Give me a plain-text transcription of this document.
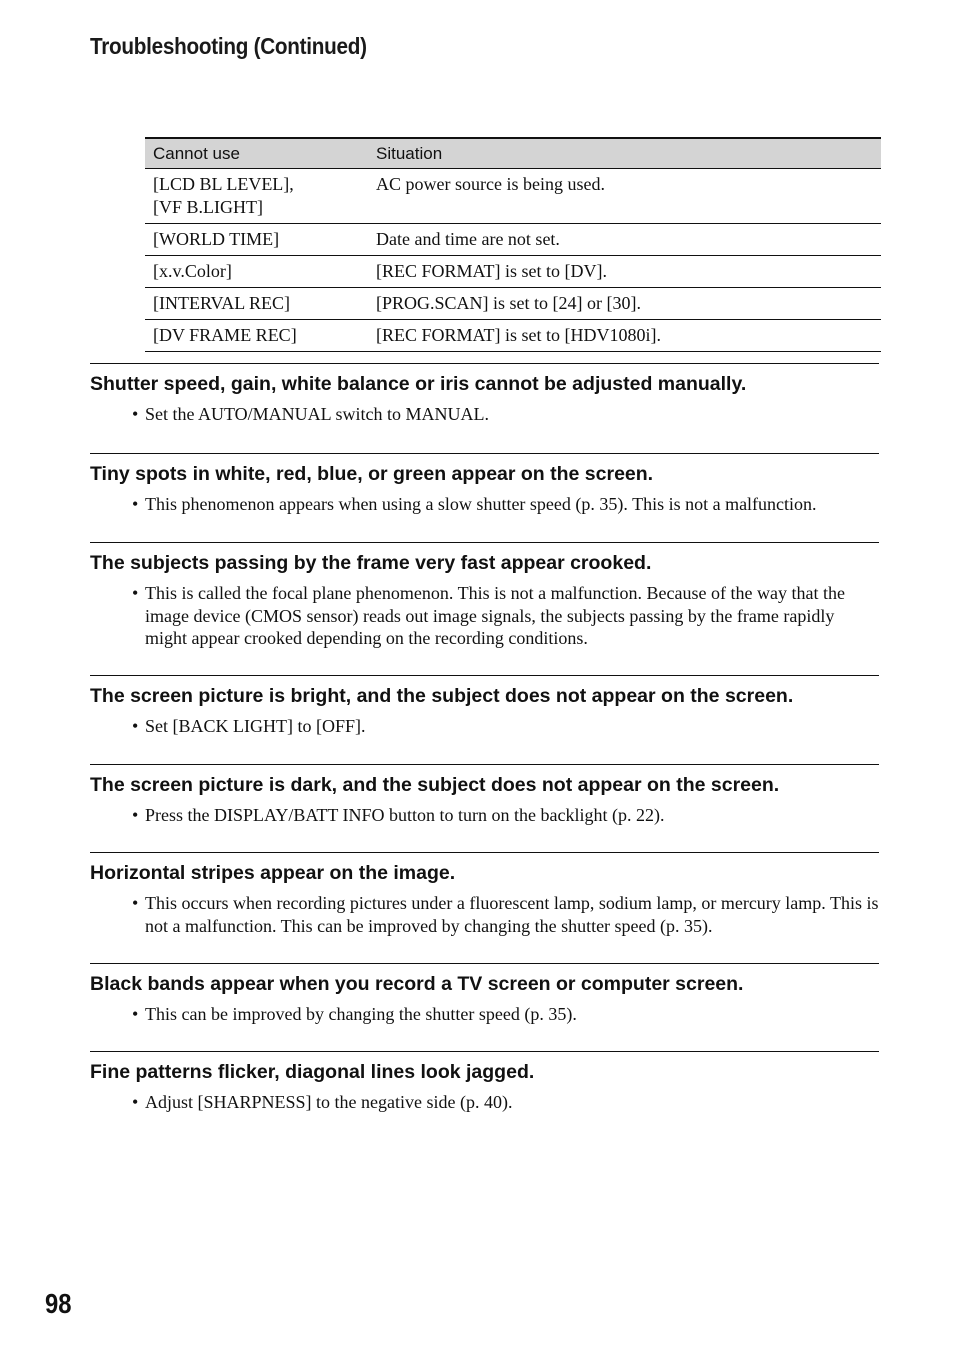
Troubleshooting (Continued)
Cannot use	Situation
[LCD BL LEVEL],
[VF B.LIGHT]	AC power source is being used.
[WORLD TIME]	Date and time are not set.
[x.v.Color]	[REC FORMAT] is set to [DV].
[INTERVAL REC]	[PROG.SCAN] is set to [24] or [30].
[DV FRAME REC]	[REC FORMAT] is set to [HDV1080i].
Shutter speed, gain, white balance or iris cannot be adjusted manually.
• Set the AUTO/MANUAL switch to MANUAL.
Tiny spots in white, red, blue, or green appear on the screen.
• This phenomenon appears when using a slow shutter speed (p. 35). This is not a malfunction.
The subjects passing by the frame very fast appear crooked.
• This is called the focal plane phenomenon. This is not a malfunction. Because of the way that the image device (CMOS sensor) reads out image signals, the subjects passing by the frame rapidly might appear crooked depending on the recording conditions.
The screen picture is bright, and the subject does not appear on the screen.
• Set [BACK LIGHT] to [OFF].
The screen picture is dark, and the subject does not appear on the screen.
• Press the DISPLAY/BATT INFO button to turn on the backlight (p. 22).
Horizontal stripes appear on the image.
• This occurs when recording pictures under a fluorescent lamp, sodium lamp, or mercury lamp. This is not a malfunction. This can be improved by changing the shutter speed (p. 35).
Black bands appear when you record a TV screen or computer screen.
• This can be improved by changing the shutter speed (p. 35).
Fine patterns flicker, diagonal lines look jagged.
• Adjust [SHARPNESS] to the negative side (p. 40).
98
